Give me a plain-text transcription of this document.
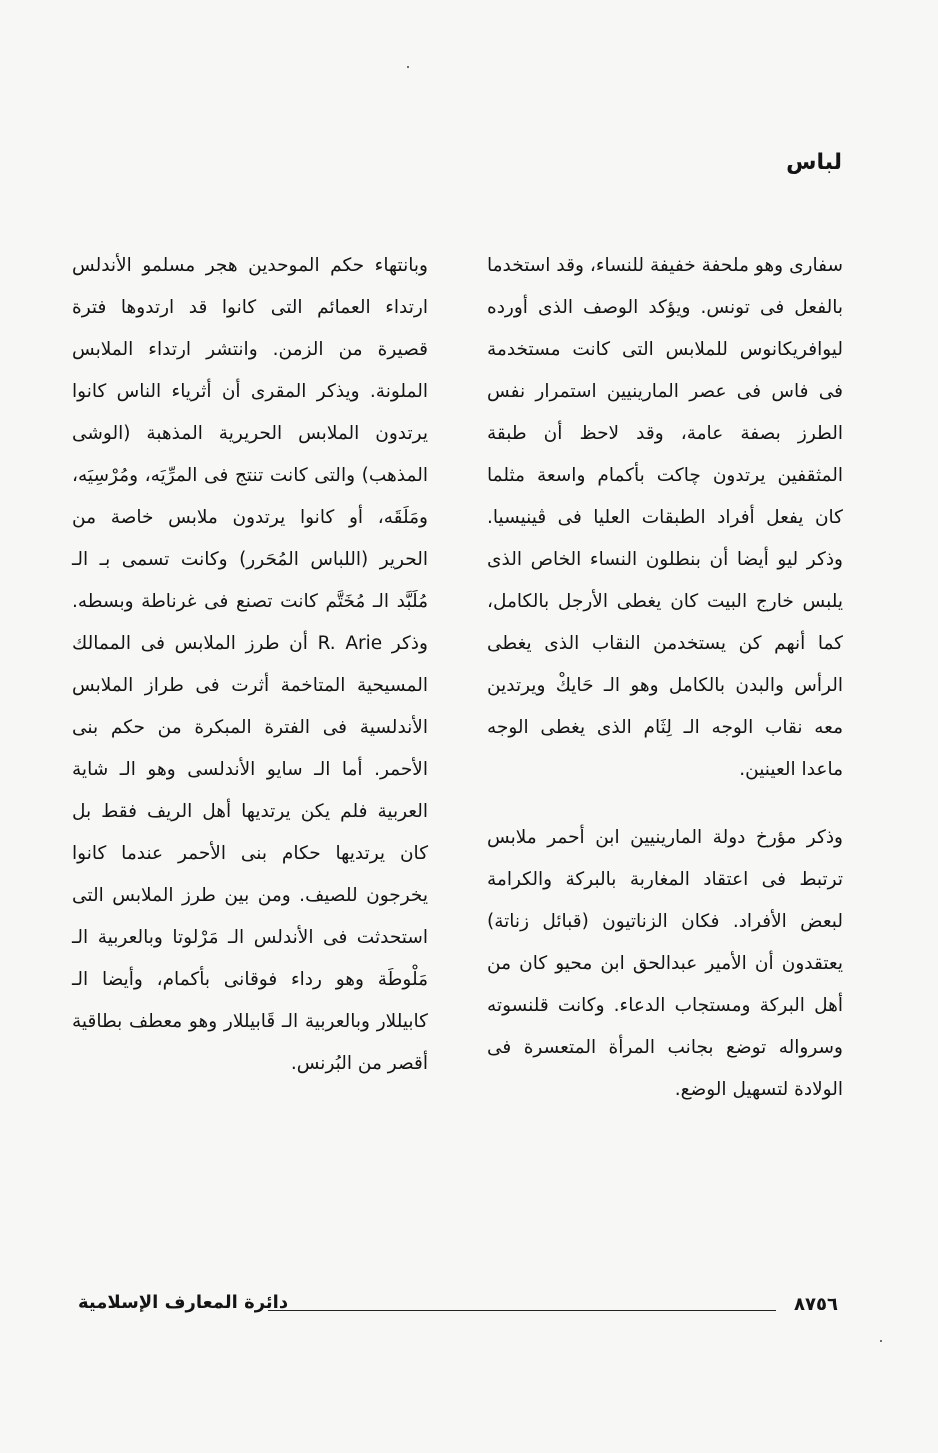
لباس

سفارى وهو ملحفة خفيفة للنساء، وقد استخدما بالفعل فى تونس. ويؤكد الوصف الذى أورده ليوافريكانوس للملابس التى كانت مستخدمة فى فاس فى عصر المارينيين استمرار نفس الطرز بصفة عامة، وقد لاحظ أن طبقة المثقفين يرتدون چاكت بأكمام واسعة مثلما كان يفعل أفراد الطبقات العليا فى ڤينيسيا. وذكر ليو أيضا أن بنطلون النساء الخاص الذى يلبس خارج البيت كان يغطى الأرجل بالكامل، كما أنهم كن يستخدمن النقاب الذى يغطى الرأس والبدن بالكامل وهو الـ حَايكْ ويرتدين معه نقاب الوجه الـ لِثَام الذى يغطى الوجه ماعدا العينين.

وذكر مؤرخ دولة المارينيين ابن أحمر ملابس ترتبط فى اعتقاد المغاربة بالبركة والكرامة لبعض الأفراد. فكان الزناتيون (قبائل زناتة) يعتقدون أن الأمير عبدالحق ابن محيو كان من أهل البركة ومستجاب الدعاء. وكانت قلنسوته وسرواله توضع بجانب المرأة المتعسرة فى الولادة لتسهيل الوضع.

وبانتهاء حكم الموحدين هجر مسلمو الأندلس ارتداء العمائم التى كانوا قد ارتدوها فترة قصيرة من الزمن. وانتشر ارتداء الملابس الملونة. ويذكر المقرى أن أثرياء الناس كانوا يرتدون الملابس الحريرية المذهبة (الوشى المذهب) والتى كانت تنتج فى المرِّيَه، ومُرْسِيَه، ومَلَقَه، أو كانوا يرتدون ملابس خاصة من الحرير (اللباس المُحَرر) وكانت تسمى بـ الـ مُلَبَّد الـ مُخَتَّم كانت تصنع فى غرناطة وبسطه. وذكر R. Arie أن طرز الملابس فى الممالك المسيحية المتاخمة أثرت فى طراز الملابس الأندلسية فى الفترة المبكرة من حكم بنى الأحمر. أما الـ سايو الأندلسى وهو الـ شاية العربية فلم يكن يرتديها أهل الريف فقط بل كان يرتديها حكام بنى الأحمر عندما كانوا يخرجون للصيف. ومن بين طرز الملابس التى استحدثت فى الأندلس الـ مَرْلوتا وبالعربية الـ مَلْوطَة وهو رداء فوقانى بأكمام، وأيضا الـ كابيللار وبالعربية الـ قَابيللار وهو معطف بطاقية أقصر من البُرنس.

٨٧٥٦
دائرة المعارف الإسلامية
